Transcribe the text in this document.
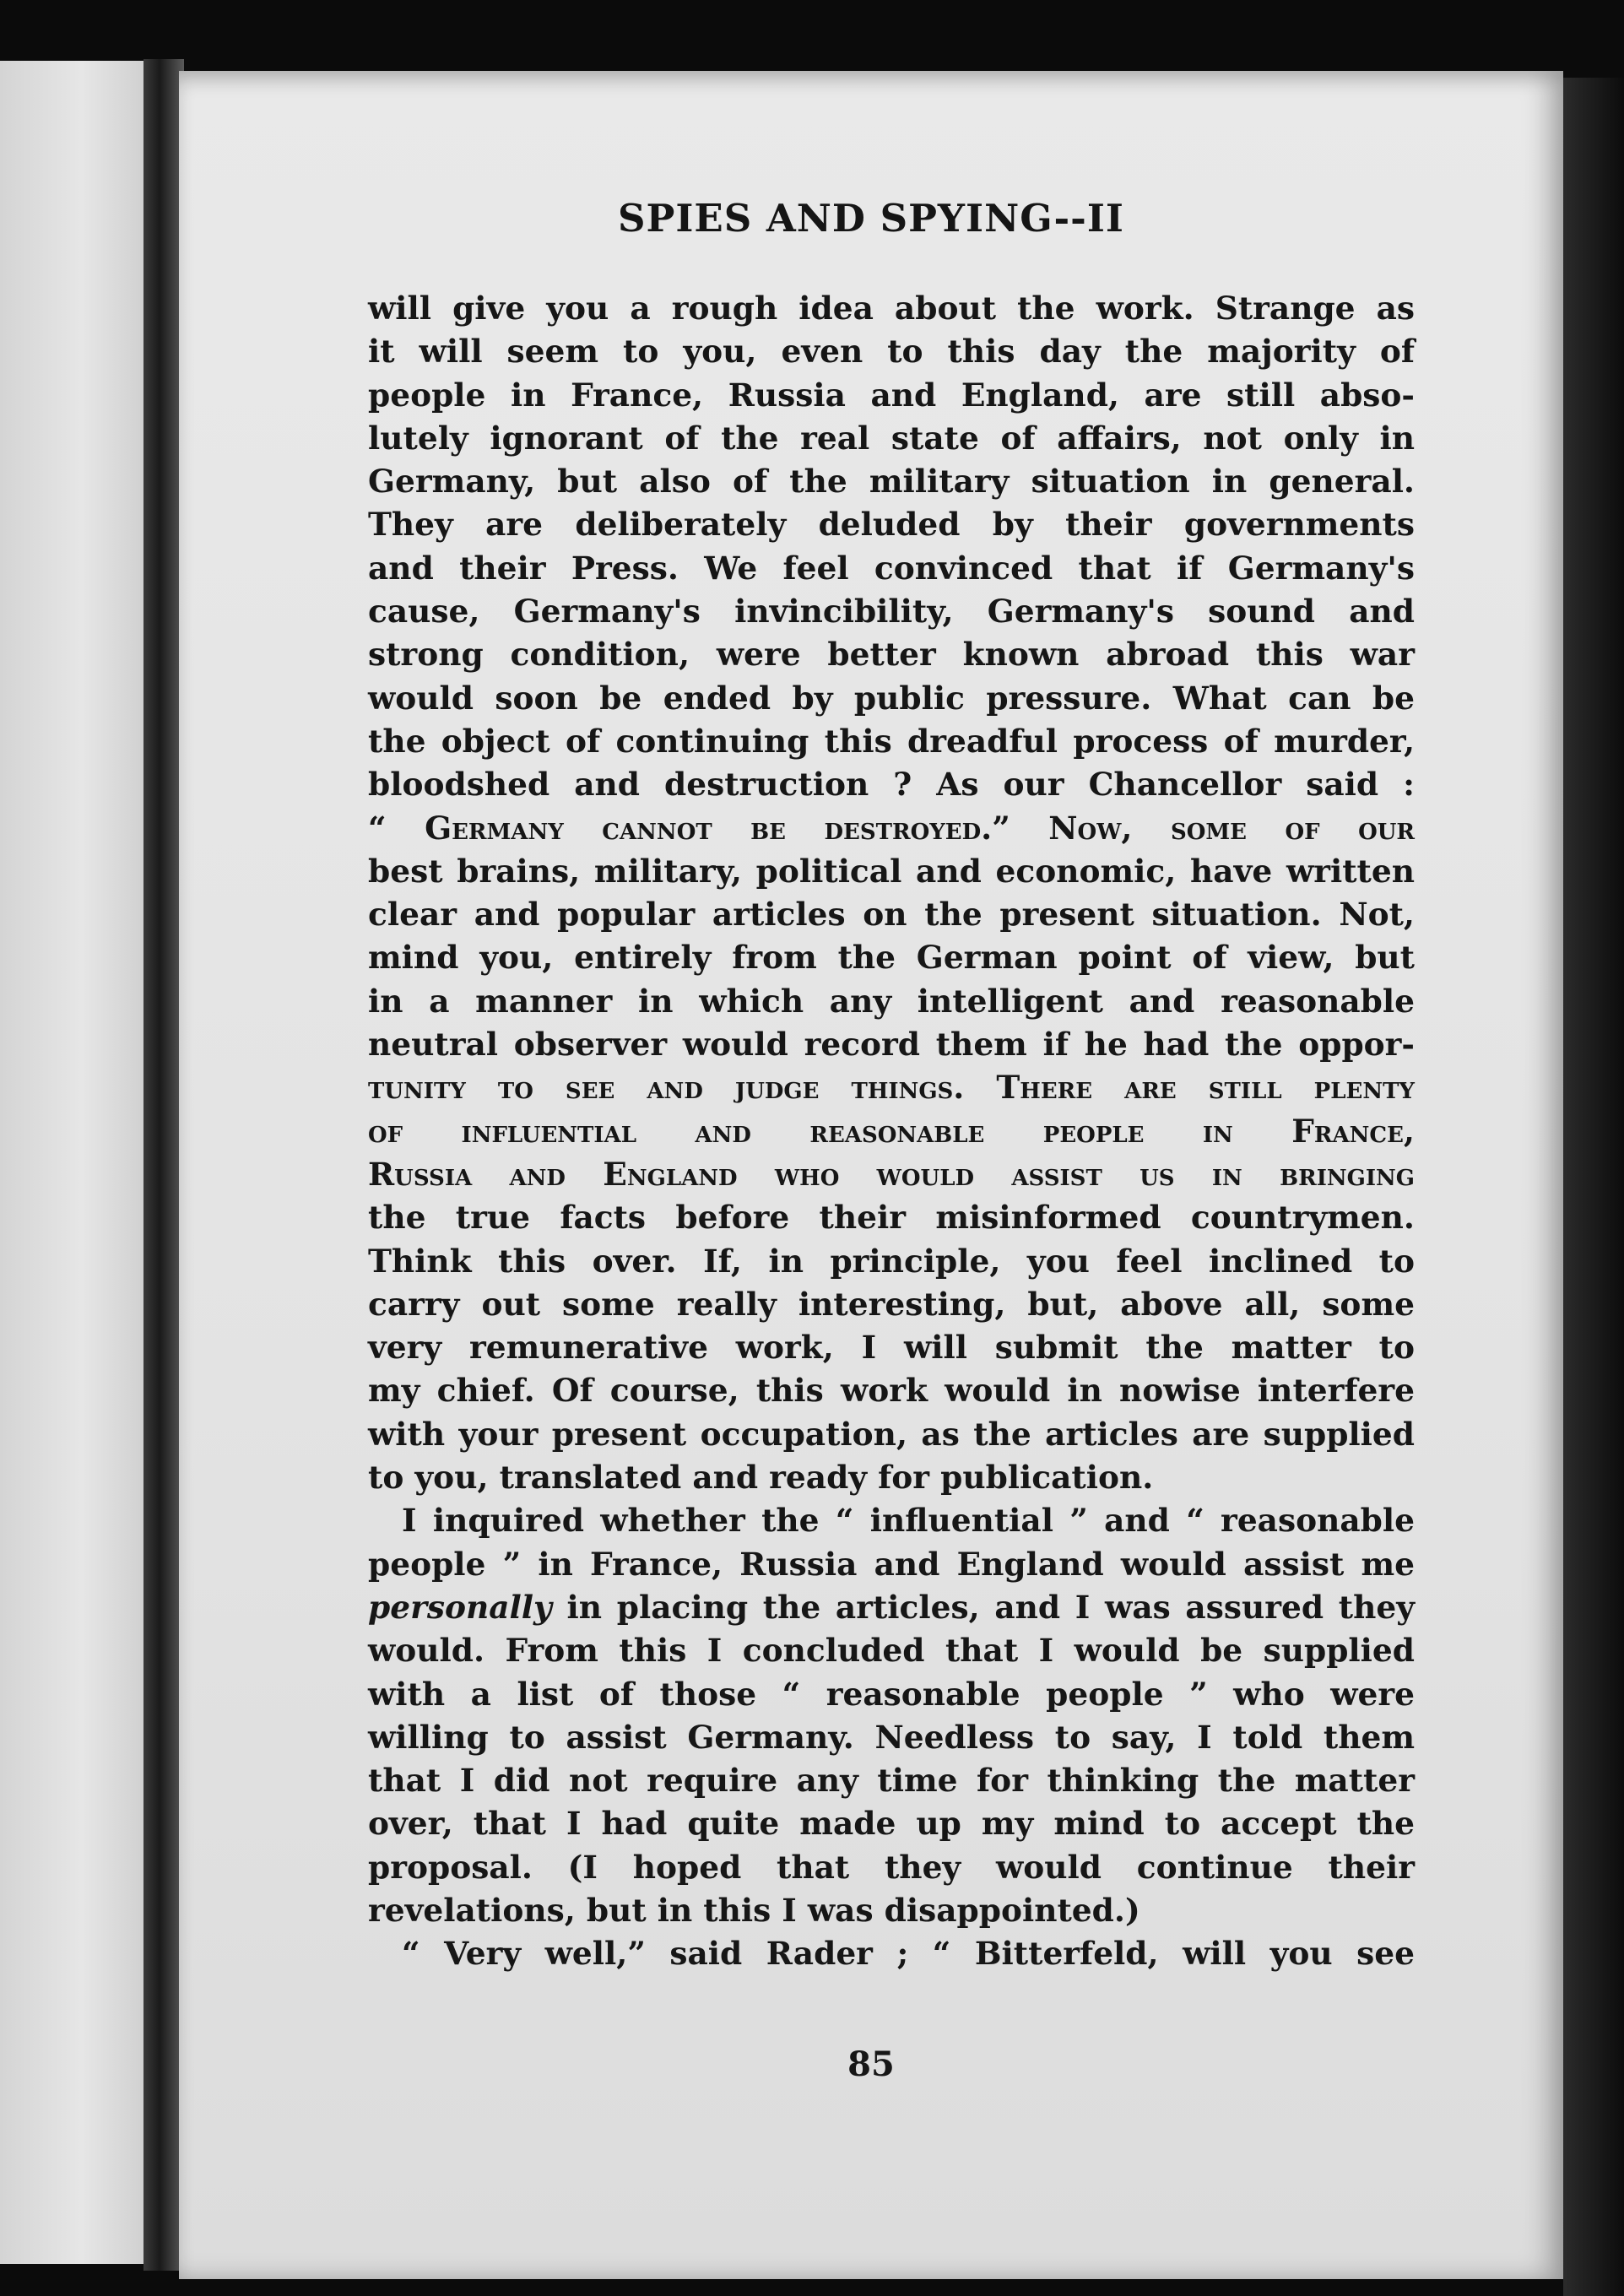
SPIES AND SPYING--II
will give you a rough idea about the work. Strange as
it will seem to you, even to this day the majority of
people in France, Russia and England, are still abso-
lutely ignorant of the real state of affairs, not only in
Germany, but also of the military situation in general.
They are deliberately deluded by their governments
and their Press. We feel convinced that if Germany's
cause, Germany's invincibility, Germany's sound and
strong condition, were better known abroad this war
would soon be ended by public pressure. What can be
the object of continuing this dreadful process of murder,
bloodshed and destruction ? As our Chancellor said :
“ Germany cannot be destroyed.” Now, some of our
best brains, military, political and economic, have written
clear and popular articles on the present situation. Not,
mind you, entirely from the German point of view, but
in a manner in which any intelligent and reasonable
neutral observer would record them if he had the oppor-
tunity to see and judge things. There are still plenty
of influential and reasonable people in France,
Russia and England who would assist us in bringing
the true facts before their misinformed countrymen.
Think this over. If, in principle, you feel inclined to
carry out some really interesting, but, above all, some
very remunerative work, I will submit the matter to
my chief. Of course, this work would in nowise interfere
with your present occupation, as the articles are supplied
to you, translated and ready for publication.
I inquired whether the “ influential ” and “ reasonable
people ” in France, Russia and England would assist me
personally in placing the articles, and I was assured they
would. From this I concluded that I would be supplied
with a list of those “ reasonable people ” who were
willing to assist Germany. Needless to say, I told them
that I did not require any time for thinking the matter
over, that I had quite made up my mind to accept the
proposal. (I hoped that they would continue their
revelations, but in this I was disappointed.)
“ Very well,” said Rader ; “ Bitterfeld, will you see
85
